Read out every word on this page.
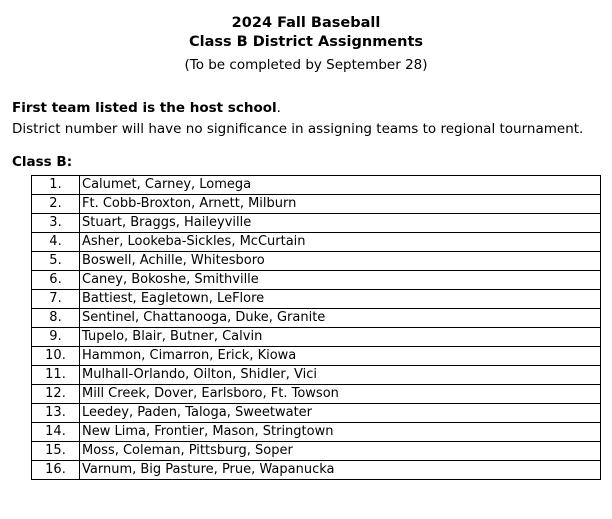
2024 Fall Baseball
Class B District Assignments
(To be completed by September 28)
First team listed is the host school.
District number will have no significance in assigning teams to regional tournament.
Class B:
1.	Calumet, Carney, Lomega
2.	Ft. Cobb-Broxton, Arnett, Milburn
3.	Stuart, Braggs, Haileyville
4.	Asher, Lookeba-Sickles, McCurtain
5.	Boswell, Achille, Whitesboro
6.	Caney, Bokoshe, Smithville
7.	Battiest, Eagletown, LeFlore
8.	Sentinel, Chattanooga, Duke, Granite
9.	Tupelo, Blair, Butner, Calvin
10.	Hammon, Cimarron, Erick, Kiowa
11.	Mulhall-Orlando, Oilton, Shidler, Vici
12.	Mill Creek, Dover, Earlsboro, Ft. Towson
13.	Leedey, Paden, Taloga, Sweetwater
14.	New Lima, Frontier, Mason, Stringtown
15.	Moss, Coleman, Pittsburg, Soper
16.	Varnum, Big Pasture, Prue, Wapanucka
